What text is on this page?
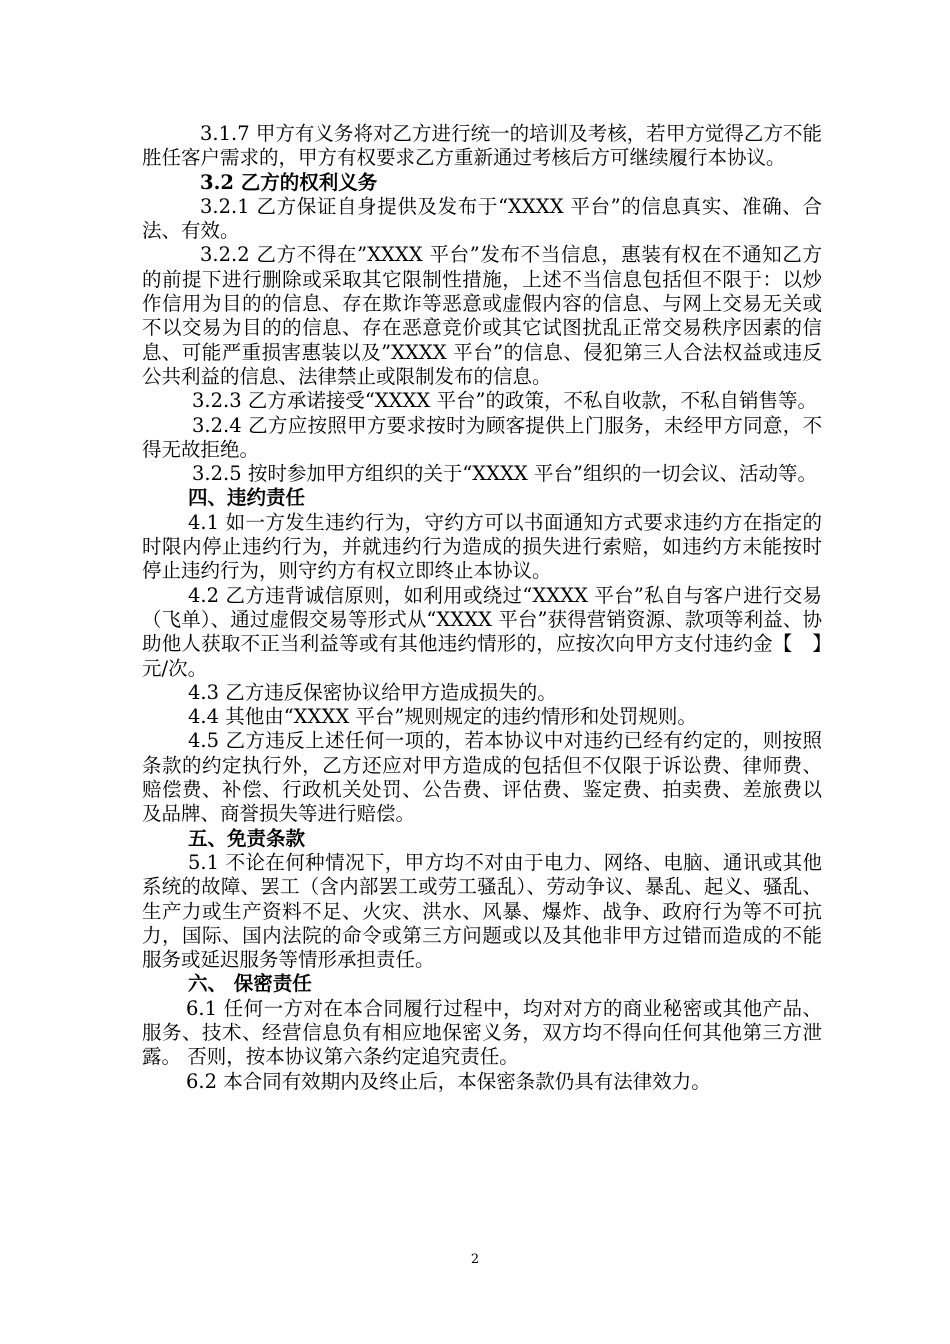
3.1.7 甲方有义务将对乙方进行统一的培训及考核，若甲方觉得乙方不能胜任客户需求的，甲方有权要求乙方重新通过考核后方可继续履行本协议。

3.2 乙方的权利义务

3.2.1 乙方保证自身提供及发布于“XXXX 平台”的信息真实、准确、合法、有效。

3.2.2 乙方不得在”XXXX 平台”发布不当信息，惠装有权在不通知乙方的前提下进行删除或采取其它限制性措施，上述不当信息包括但不限于：以炒作信用为目的的信息、存在欺诈等恶意或虚假内容的信息、与网上交易无关或不以交易为目的的信息、存在恶意竞价或其它试图扰乱正常交易秩序因素的信息、可能严重损害惠装以及”XXXX 平台”的信息、侵犯第三人合法权益或违反公共利益的信息、法律禁止或限制发布的信息。

3.2.3 乙方承诺接受“XXXX 平台”的政策，不私自收款，不私自销售等。

3.2.4 乙方应按照甲方要求按时为顾客提供上门服务，未经甲方同意，不得无故拒绝。

3.2.5 按时参加甲方组织的关于“XXXX 平台”组织的一切会议、活动等。

四、违约责任

4.1 如一方发生违约行为，守约方可以书面通知方式要求违约方在指定的时限内停止违约行为，并就违约行为造成的损失进行索赔，如违约方未能按时停止违约行为，则守约方有权立即终止本协议。

4.2 乙方违背诚信原则，如利用或绕过“XXXX 平台”私自与客户进行交易（飞单）、通过虚假交易等形式从“XXXX 平台”获得营销资源、款项等利益、协助他人获取不正当利益等或有其他违约情形的，应按次向甲方支付违约金【　】元/次。

4.3 乙方违反保密协议给甲方造成损失的。

4.4 其他由“XXXX 平台”规则规定的违约情形和处罚规则。

4.5 乙方违反上述任何一项的，若本协议中对违约已经有约定的，则按照条款的约定执行外，乙方还应对甲方造成的包括但不仅限于诉讼费、律师费、赔偿费、补偿、行政机关处罚、公告费、评估费、鉴定费、拍卖费、差旅费以及品牌、商誉损失等进行赔偿。

五、免责条款

5.1 不论在何种情况下，甲方均不对由于电力、网络、电脑、通讯或其他系统的故障、罢工（含内部罢工或劳工骚乱）、劳动争议、暴乱、起义、骚乱、生产力或生产资料不足、火灾、洪水、风暴、爆炸、战争、政府行为等不可抗力，国际、国内法院的命令或第三方问题或以及其他非甲方过错而造成的不能服务或延迟服务等情形承担责任。

六、 保密责任

6.1 任何一方对在本合同履行过程中，均对对方的商业秘密或其他产品、服务、技术、经营信息负有相应地保密义务，双方均不得向任何其他第三方泄露。 否则，按本协议第六条约定追究责任。

6.2 本合同有效期内及终止后，本保密条款仍具有法律效力。

2
